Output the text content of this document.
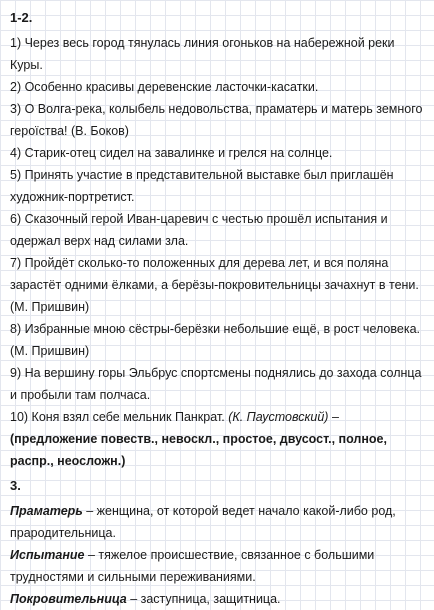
1-2.

1) Через весь город тянулась линия огоньков на набережной реки Куры.

2) Особенно красивы деревенские ласточки-касатки.

3) О Волга-река, колыбель недовольства, праматерь и матерь земного героїства! (В. Боков)

4) Старик-отец сидел на завалинке и грелся на солнце.

5) Принять участие в представительной выставке был приглашён художник-портретист.

6) Сказочный герой Иван-царевич с честью прошёл испытания и одержал верх над силами зла.

7) Пройдёт сколько-то положенных для дерева лет, и вся поляна зарастёт одними ёлками, а берёзы-покровительницы зачахнут в тени. (М. Пришвин)

8) Избранные мною сёстры-берёзки небольшие ещё, в рост человека. (М. Пришвин)

9) На вершину горы Эльбрус спортсмены поднялись до захода солнца и пробыли там полчаса.

10) Коня взял себе мельник Панкрат. (К. Паустовский) – (предложение повеств., невоскл., простое, двусост., полное, распр., неосложн.)

3.

Праматерь – женщина, от которой ведет начало какой-либо род, прародительница.

Испытание – тяжелое происшествие, связанное с большими трудностями и сильными переживаниями.

Покровительница – заступница, защитница.
